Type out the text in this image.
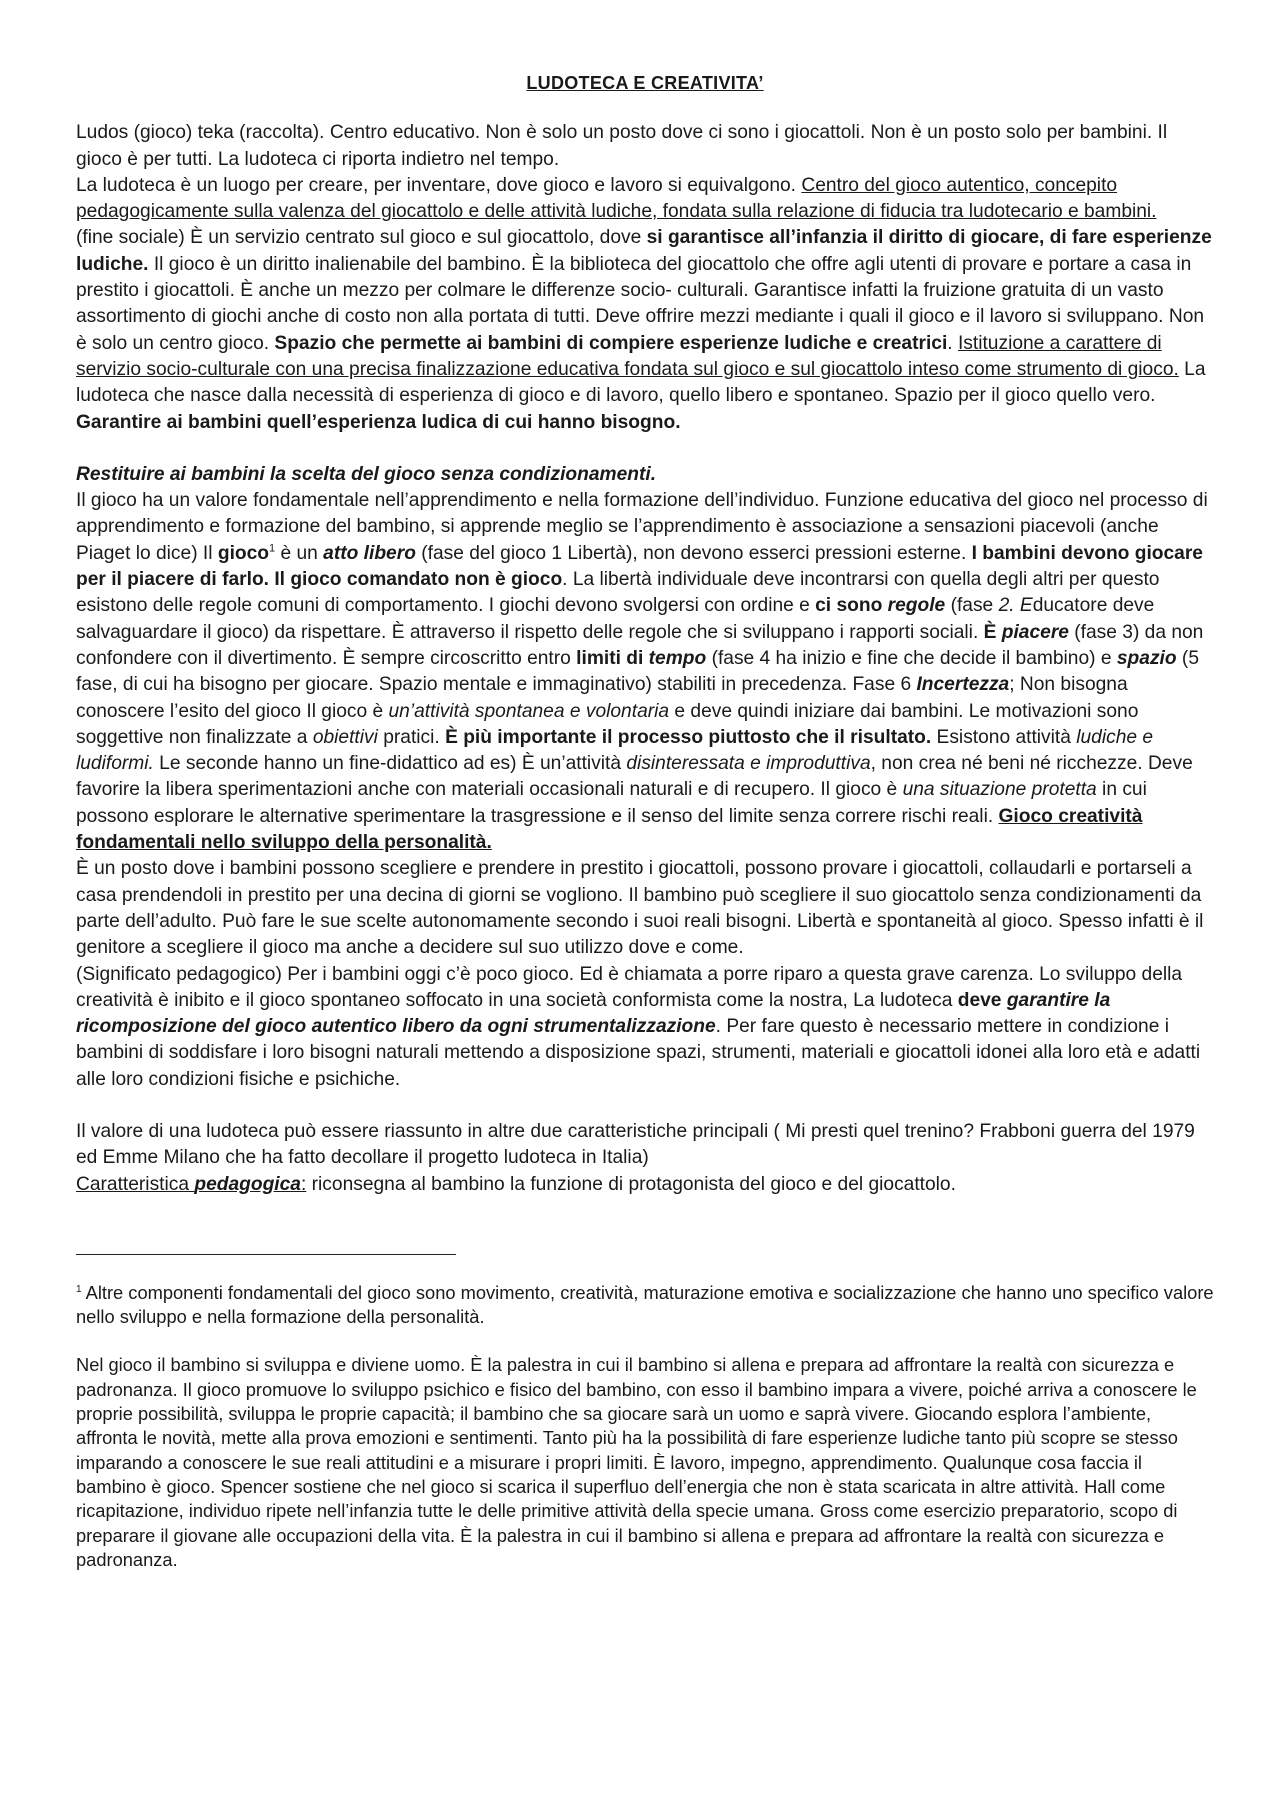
LUDOTECA E CREATIVITA’

Ludos (gioco) teka (raccolta). Centro educativo. Non è solo un posto dove ci sono i giocattoli. Non è un posto solo per bambini. Il gioco è per tutti. La ludoteca ci riporta indietro nel tempo.
La ludoteca è un luogo per creare, per inventare, dove gioco e lavoro si equivalgono. Centro del gioco autentico, concepito pedagogicamente sulla valenza del giocattolo e delle attività ludiche, fondata sulla relazione di fiducia tra ludotecario e bambini.
(fine sociale) È un servizio centrato sul gioco e sul giocattolo, dove si garantisce all’infanzia il diritto di giocare, di fare esperienze ludiche. Il gioco è un diritto inalienabile del bambino. È la biblioteca del giocattolo che offre agli utenti di provare e portare a casa in prestito i giocattoli. È anche un mezzo per colmare le differenze socio- culturali. Garantisce infatti la fruizione gratuita di un vasto assortimento di giochi anche di costo non alla portata di tutti. Deve offrire mezzi mediante i quali il gioco e il lavoro si sviluppano. Non è solo un centro gioco. Spazio che permette ai bambini di compiere esperienze ludiche e creatrici. Istituzione a carattere di servizio socio-culturale con una precisa finalizzazione educativa fondata sul gioco e sul giocattolo inteso come strumento di gioco. La ludoteca che nasce dalla necessità di esperienza di gioco e di lavoro, quello libero e spontaneo. Spazio per il gioco quello vero. Garantire ai bambini quell’esperienza ludica di cui hanno bisogno.

Restituire ai bambini la scelta del gioco senza condizionamenti.

Il gioco ha un valore fondamentale nell’apprendimento e nella formazione dell’individuo. Funzione educativa del gioco nel processo di apprendimento e formazione del bambino, si apprende meglio se l’apprendimento è associazione a sensazioni piacevoli (anche Piaget lo dice) Il gioco$^1$ è un atto libero (fase del gioco 1 Libertà), non devono esserci pressioni esterne. I bambini devono giocare per il piacere di farlo. Il gioco comandato non è gioco. La libertà individuale deve incontrarsi con quella degli altri per questo esistono delle regole comuni di comportamento. I giochi devono svolgersi con ordine e ci sono regole (fase 2. Educatore deve salvaguardare il gioco) da rispettare. È attraverso il rispetto delle regole che si sviluppano i rapporti sociali. È piacere (fase 3) da non confondere con il divertimento. È sempre circoscritto entro limiti di tempo (fase 4 ha inizio e fine che decide il bambino) e spazio (5 fase, di cui ha bisogno per giocare. Spazio mentale e immaginativo) stabiliti in precedenza. Fase 6 Incertezza; Non bisogna conoscere l’esito del gioco Il gioco è un’attività spontanea e volontaria e deve quindi iniziare dai bambini. Le motivazioni sono soggettive non finalizzate a obiettivi pratici. È più importante il processo piuttosto che il risultato. Esistono attività ludiche e ludiformi. Le seconde hanno un fine-didattico ad es) È un’attività disinteressata e improduttiva, non crea né beni né ricchezze. Deve favorire la libera sperimentazioni anche con materiali occasionali naturali e di recupero. Il gioco è una situazione protetta in cui possono esplorare le alternative sperimentare la trasgressione e il senso del limite senza correre rischi reali. Gioco creatività fondamentali nello sviluppo della personalità.

È un posto dove i bambini possono scegliere e prendere in prestito i giocattoli, possono provare i giocattoli, collaudarli e portarseli a casa prendendoli in prestito per una decina di giorni se vogliono. Il bambino può scegliere il suo giocattolo senza condizionamenti da parte dell’adulto. Può fare le sue scelte autonomamente secondo i suoi reali bisogni. Libertà e spontaneità al gioco. Spesso infatti è il genitore a scegliere il gioco ma anche a decidere sul suo utilizzo dove e come.

(Significato pedagogico) Per i bambini oggi c’è poco gioco. Ed è chiamata a porre riparo a questa grave carenza. Lo sviluppo della creatività è inibito e il gioco spontaneo soffocato in una società conformista come la nostra, La ludoteca deve garantire la ricomposizione del gioco autentico libero da ogni strumentalizzazione. Per fare questo è necessario mettere in condizione i bambini di soddisfare i loro bisogni naturali mettendo a disposizione spazi, strumenti, materiali e giocattoli idonei alla loro età e adatti alle loro condizioni fisiche e psichiche.

Il valore di una ludoteca può essere riassunto in altre due caratteristiche principali ( Mi presti quel trenino? Frabboni guerra del 1979 ed Emme Milano che ha fatto decollare il progetto ludoteca in Italia)
Caratteristica pedagogica: riconsegna al bambino la funzione di protagonista del gioco e del giocattolo.

$^1$ Altre componenti fondamentali del gioco sono movimento, creatività, maturazione emotiva e socializzazione che hanno uno specifico valore nello sviluppo e nella formazione della personalità.

Nel gioco il bambino si sviluppa e diviene uomo. È la palestra in cui il bambino si allena e prepara ad affrontare la realtà con sicurezza e padronanza. Il gioco promuove lo sviluppo psichico e fisico del bambino, con esso il bambino impara a vivere, poiché arriva a conoscere le proprie possibilità, sviluppa le proprie capacità; il bambino che sa giocare sarà un uomo e saprà vivere. Giocando esplora l’ambiente, affronta le novità, mette alla prova emozioni e sentimenti. Tanto più ha la possibilità di fare esperienze ludiche tanto più scopre se stesso imparando a conoscere le sue reali attitudini e a misurare i propri limiti. È lavoro, impegno, apprendimento. Qualunque cosa faccia il bambino è gioco. Spencer sostiene che nel gioco si scarica il superfluo dell’energia che non è stata scaricata in altre attività. Hall come ricapitazione, individuo ripete nell’infanzia tutte le delle primitive attività della specie umana. Gross come esercizio preparatorio, scopo di preparare il giovane alle occupazioni della vita. È la palestra in cui il bambino si allena e prepara ad affrontare la realtà con sicurezza e padronanza.
